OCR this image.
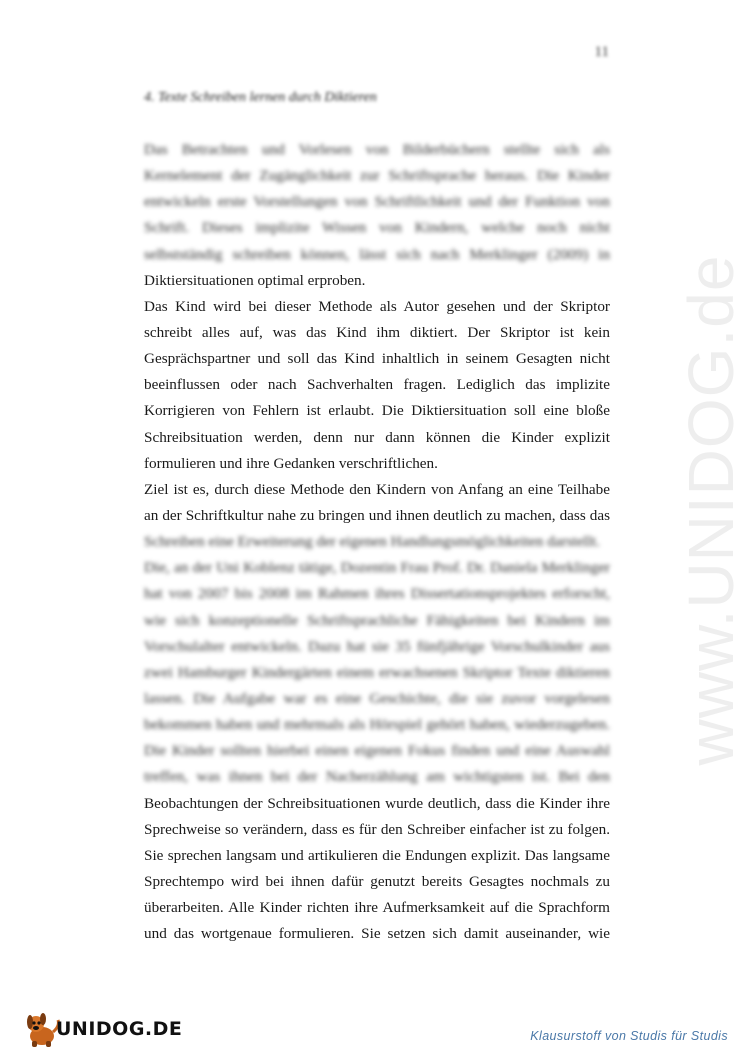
11
4. Texte Schreiben lernen durch Diktieren
Das Betrachten und Vorlesen von Bilderbüchern stellte sich als
Kernelement der Zugänglichkeit zur Schriftsprache heraus. Die Kinder
entwickeln erste Vorstellungen von Schriftlichkeit und der Funktion von
Schrift. Dieses implizite Wissen von Kindern, welche noch nicht
selbstständig schreiben können, lässt sich nach Merklinger (2009) in
Diktiersituationen optimal erproben.
Das Kind wird bei dieser Methode als Autor gesehen und der Skriptor
schreibt alles auf, was das Kind ihm diktiert. Der Skriptor ist kein
Gesprächspartner und soll das Kind inhaltlich in seinem Gesagten nicht
beeinflussen oder nach Sachverhalten fragen. Lediglich das implizite
Korrigieren von Fehlern ist erlaubt. Die Diktiersituation soll eine bloße
Schreibsituation werden, denn nur dann können die Kinder explizit
formulieren und ihre Gedanken verschriftlichen.
Ziel ist es, durch diese Methode den Kindern von Anfang an eine Teilhabe
an der Schriftkultur nahe zu bringen und ihnen deutlich zu machen, dass das
Schreiben eine Erweiterung der eigenen Handlungsmöglichkeiten darstellt.
Die, an der Uni Koblenz tätige, Dozentin Frau Prof. Dr. Daniela Merklinger
hat von 2007 bis 2008 im Rahmen ihres Dissertationsprojektes erforscht,
wie sich konzeptionelle Schriftsprachliche Fähigkeiten bei Kindern im
Vorschulalter entwickeln. Dazu hat sie 35 fünfjährige Vorschulkinder aus
zwei Hamburger Kindergärten einem erwachsenen Skriptor Texte diktieren
lassen. Die Aufgabe war es eine Geschichte, die sie zuvor vorgelesen
bekommen haben und mehrmals als Hörspiel gehört haben, wiederzugeben.
Die Kinder sollten hierbei einen eigenen Fokus finden und eine Auswahl
treffen, was ihnen bei der Nacherzählung am wichtigsten ist. Bei den
Beobachtungen der Schreibsituationen wurde deutlich, dass die Kinder ihre
Sprechweise so verändern, dass es für den Schreiber einfacher ist zu folgen.
Sie sprechen langsam und artikulieren die Endungen explizit. Das langsame
Sprechtempo wird bei ihnen dafür genutzt bereits Gesagtes nochmals zu
überarbeiten. Alle Kinder richten ihre Aufmerksamkeit auf die Sprachform
und das wortgenaue formulieren. Sie setzen sich damit auseinander, wie
www.UNIDOG.de
UNIDOG.DE	Klausurstoff von Studis für Studis
